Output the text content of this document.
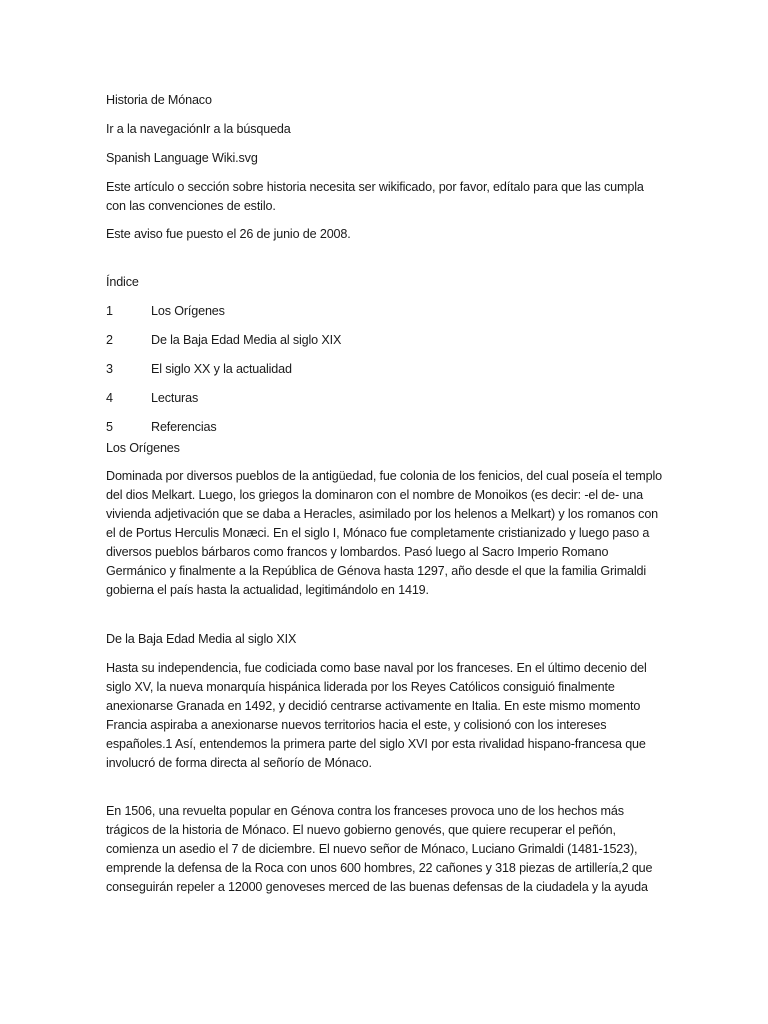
Historia de Mónaco

Ir a la navegaciónIr a la búsqueda

Spanish Language Wiki.svg

Este artículo o sección sobre historia necesita ser wikificado, por favor, edítalo para que las cumpla con las convenciones de estilo.

Este aviso fue puesto el 26 de junio de 2008.

Índice

1	Los Orígenes
2	De la Baja Edad Media al siglo XIX
3	El siglo XX y la actualidad
4	Lecturas
5	Referencias

Los Orígenes

Dominada por diversos pueblos de la antigüedad, fue colonia de los fenicios, del cual poseía el templo del dios Melkart. Luego, los griegos la dominaron con el nombre de Monoikos (es decir: -el de- una vivienda adjetivación que se daba a Heracles, asimilado por los helenos a Melkart) y los romanos con el de Portus Herculis Monæci. En el siglo I, Mónaco fue completamente cristianizado y luego paso a diversos pueblos bárbaros como francos y lombardos. Pasó luego al Sacro Imperio Romano Germánico y finalmente a la República de Génova hasta 1297, año desde el que la familia Grimaldi gobierna el país hasta la actualidad, legitimándolo en 1419.

De la Baja Edad Media al siglo XIX

Hasta su independencia, fue codiciada como base naval por los franceses. En el último decenio del siglo XV, la nueva monarquía hispánica liderada por los Reyes Católicos consiguió finalmente anexionarse Granada en 1492, y decidió centrarse activamente en Italia. En este mismo momento Francia aspiraba a anexionarse nuevos territorios hacia el este, y colisionó con los intereses españoles.1 Así, entendemos la primera parte del siglo XVI por esta rivalidad hispano-francesa que involucró de forma directa al señorío de Mónaco.

En 1506, una revuelta popular en Génova contra los franceses provoca uno de los hechos más trágicos de la historia de Mónaco. El nuevo gobierno genovés, que quiere recuperar el peñón, comienza un asedio el 7 de diciembre. El nuevo señor de Mónaco, Luciano Grimaldi (1481-1523), emprende la defensa de la Roca con unos 600 hombres, 22 cañones y 318 piezas de artillería,2 que conseguirán repeler a 12000 genoveses merced de las buenas defensas de la ciudadela y la ayuda
